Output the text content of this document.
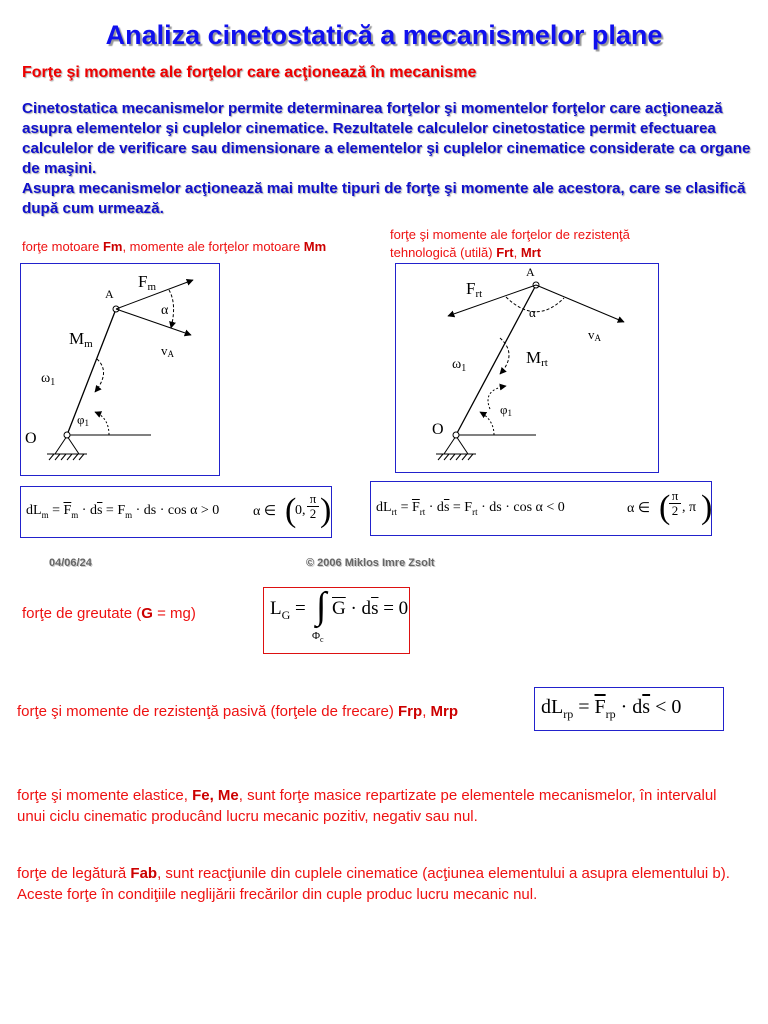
Analiza cinetostatică a mecanismelor plane
Forţe şi momente ale forţelor care acţionează în mecanisme

Cinetostatica mecanismelor permite determinarea forţelor şi momentelor forţelor care acţionează asupra elementelor şi cuplelor cinematice. Rezultatele calculelor cinetostatice permit efectuarea calculelor de verificare sau dimensionare a elementelor şi cuplelor cinematice considerate ca organe de maşini.

Asupra mecanismelor acţionează mai multe tipuri de forţe şi momente ale acestora, care se clasifică după cum urmează.

forţe motoare Fm, momente ale forţelor motoare Mm
forţe şi momente ale forţelor de rezistenţă
tehnologică (utilă) Frt, Mrt
Fm
A
Mm	vA
α
$\omega_1$
φ1
O
Frt
A
Mrt
vA
α
$\omega_1$
φ1
O
$dL_m = \overline{F}_m \cdot d\overline{s} = F_m$ · ds · cos α > 0 α ∈ (
0,
π
2 )	$dL_{rt} = \overline{F}_{rt} \cdot d\overline{s} = F_{rt}$ · ds · cos α < 0	α ∈ ( π
2 , π )
04/06/24	© 2006 Miklos Imre Zsolt
forţe de greutate (G = mg)	$L_G$ = ∫
$\Phi_c$
$\overline{G} \cdot d\overline{s} = 0$
forţe şi momente de rezistenţă pasivă (forţele de frecare) Frp, Mrp	$dL_{rp} = \overline{F}_{rp} \cdot d\overline{s} < 0$
forţe şi momente elastice, Fe, Me, sunt forţe masice repartizate pe elementele mecanismelor, în intervalul unui ciclu cinematic producând lucru mecanic pozitiv, negativ sau nul.
forţe de legătură Fab, sunt reacţiunile din cuplele cinematice (acţiunea elementului a asupra elementului b). Aceste forţe în condiţiile neglijării frecărilor din cuple produc lucru mecanic nul.
